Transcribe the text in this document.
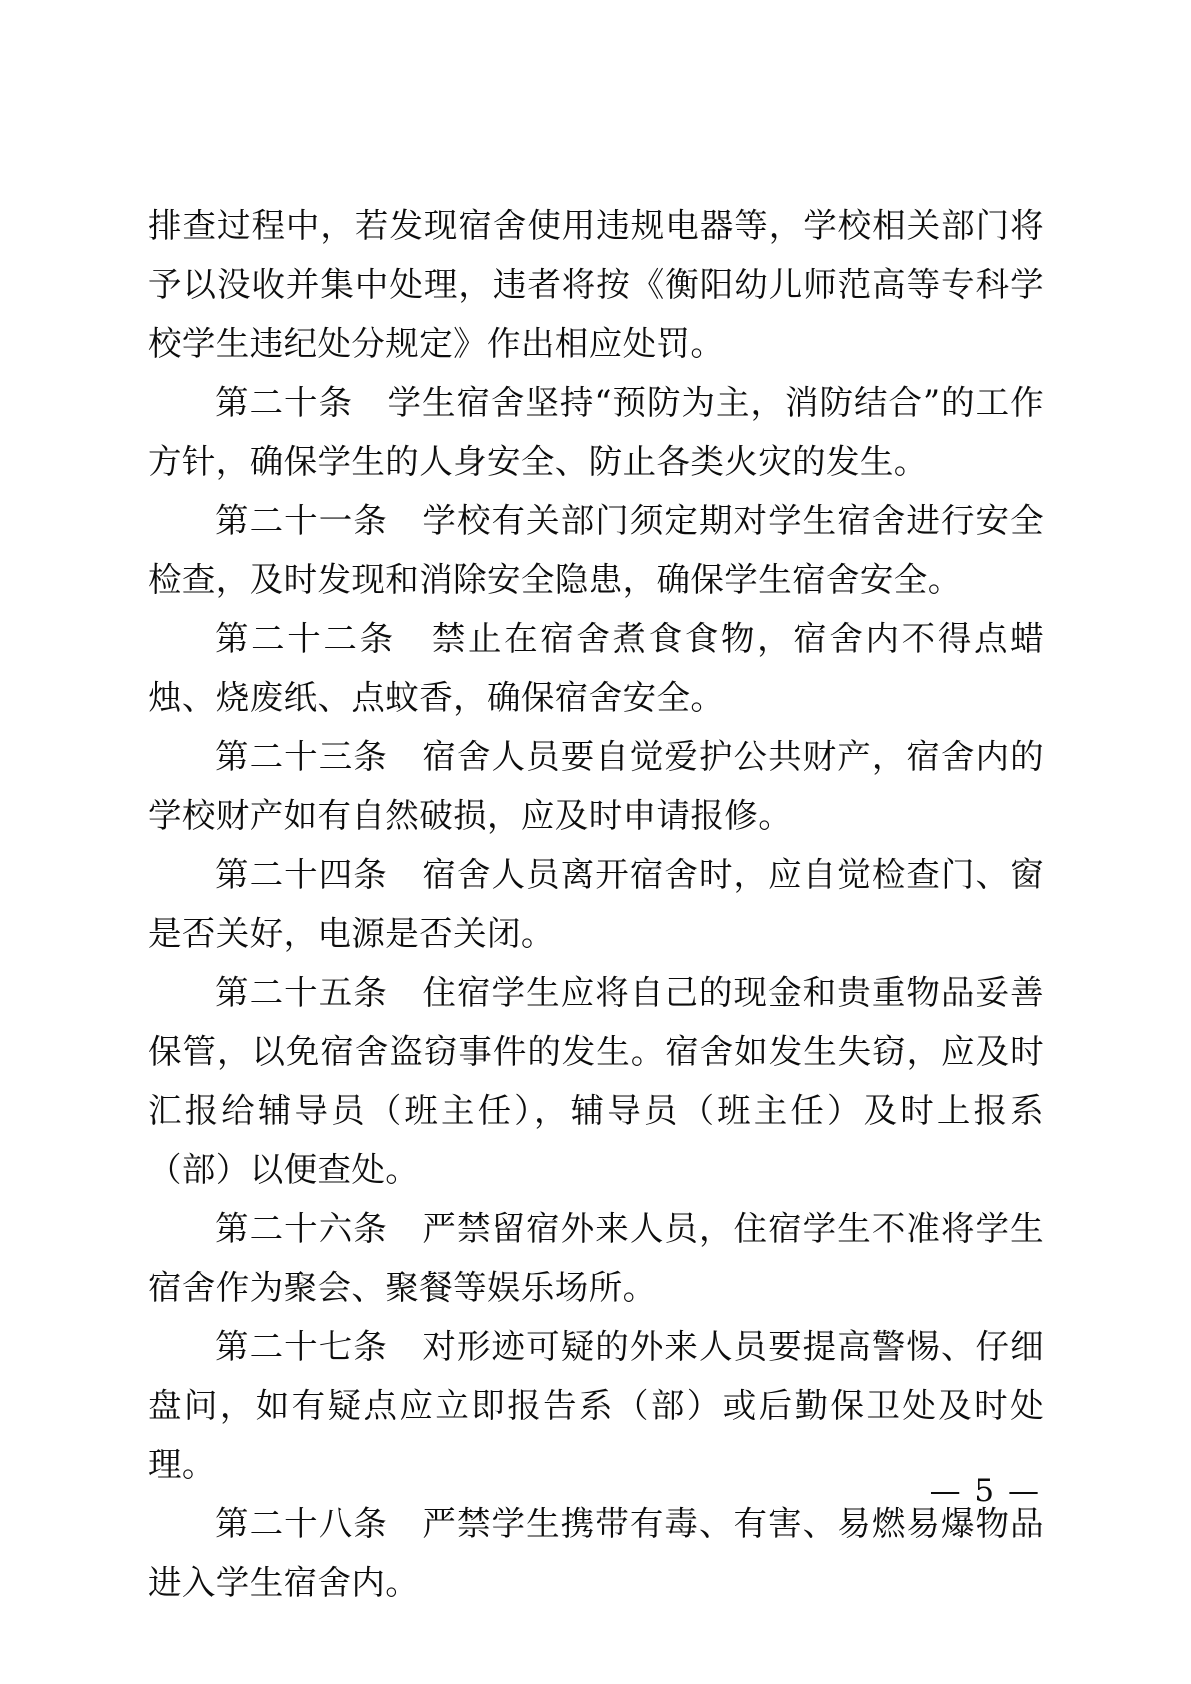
排查过程中，若发现宿舍使用违规电器等，学校相关部门将予以没收并集中处理，违者将按《衡阳幼儿师范高等专科学校学生违纪处分规定》作出相应处罚。

第二十条　学生宿舍坚持“预防为主，消防结合”的工作方针，确保学生的人身安全、防止各类火灾的发生。

第二十一条　学校有关部门须定期对学生宿舍进行安全检查，及时发现和消除安全隐患，确保学生宿舍安全。

第二十二条　禁止在宿舍煮食食物，宿舍内不得点蜡烛、烧废纸、点蚊香，确保宿舍安全。

第二十三条　宿舍人员要自觉爱护公共财产，宿舍内的学校财产如有自然破损，应及时申请报修。

第二十四条　宿舍人员离开宿舍时，应自觉检查门、窗是否关好，电源是否关闭。

第二十五条　住宿学生应将自己的现金和贵重物品妥善保管，以免宿舍盗窃事件的发生。宿舍如发生失窃，应及时汇报给辅导员（班主任），辅导员（班主任）及时上报系（部）以便查处。

第二十六条　严禁留宿外来人员，住宿学生不准将学生宿舍作为聚会、聚餐等娱乐场所。

第二十七条　对形迹可疑的外来人员要提高警惕、仔细盘问，如有疑点应立即报告系（部）或后勤保卫处及时处理。

第二十八条　严禁学生携带有毒、有害、易燃易爆物品进入学生宿舍内。

— 5 —
